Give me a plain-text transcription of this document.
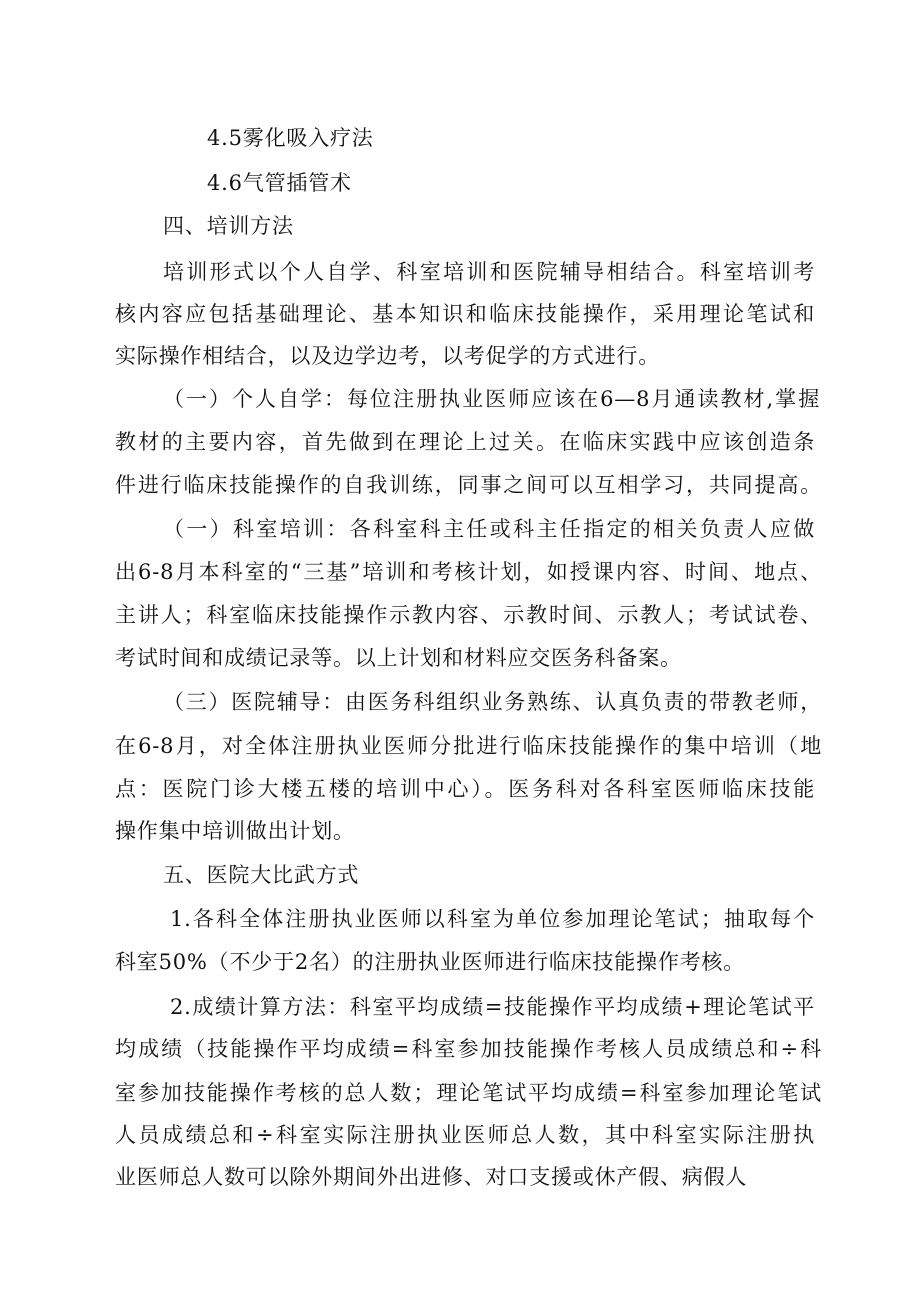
4.5雾化吸入疗法
4.6气管插管术
四、培训方法
培训形式以个人自学、科室培训和医院辅导相结合。科室培训考
核内容应包括基础理论、基本知识和临床技能操作，采用理论笔试和
实际操作相结合，以及边学边考，以考促学的方式进行。
（一）个人自学：每位注册执业医师应该在6—8月通读教材,掌握
教材的主要内容，首先做到在理论上过关。在临床实践中应该创造条
件进行临床技能操作的自我训练，同事之间可以互相学习，共同提高。
（一）科室培训：各科室科主任或科主任指定的相关负责人应做
出6-8月本科室的“三基”培训和考核计划，如授课内容、时间、地点、
主讲人；科室临床技能操作示教内容、示教时间、示教人；考试试卷、
考试时间和成绩记录等。以上计划和材料应交医务科备案。
（三）医院辅导：由医务科组织业务熟练、认真负责的带教老师，
在6-8月，对全体注册执业医师分批进行临床技能操作的集中培训（地
点：医院门诊大楼五楼的培训中心）。医务科对各科室医师临床技能
操作集中培训做出计划。
五、医院大比武方式
1.各科全体注册执业医师以科室为单位参加理论笔试；抽取每个
科室50%（不少于2名）的注册执业医师进行临床技能操作考核。
2.成绩计算方法：科室平均成绩=技能操作平均成绩+理论笔试平
均成绩（技能操作平均成绩=科室参加技能操作考核人员成绩总和÷科
室参加技能操作考核的总人数；理论笔试平均成绩=科室参加理论笔试
人员成绩总和÷科室实际注册执业医师总人数，其中科室实际注册执
业医师总人数可以除外期间外出进修、对口支援或休产假、病假人
